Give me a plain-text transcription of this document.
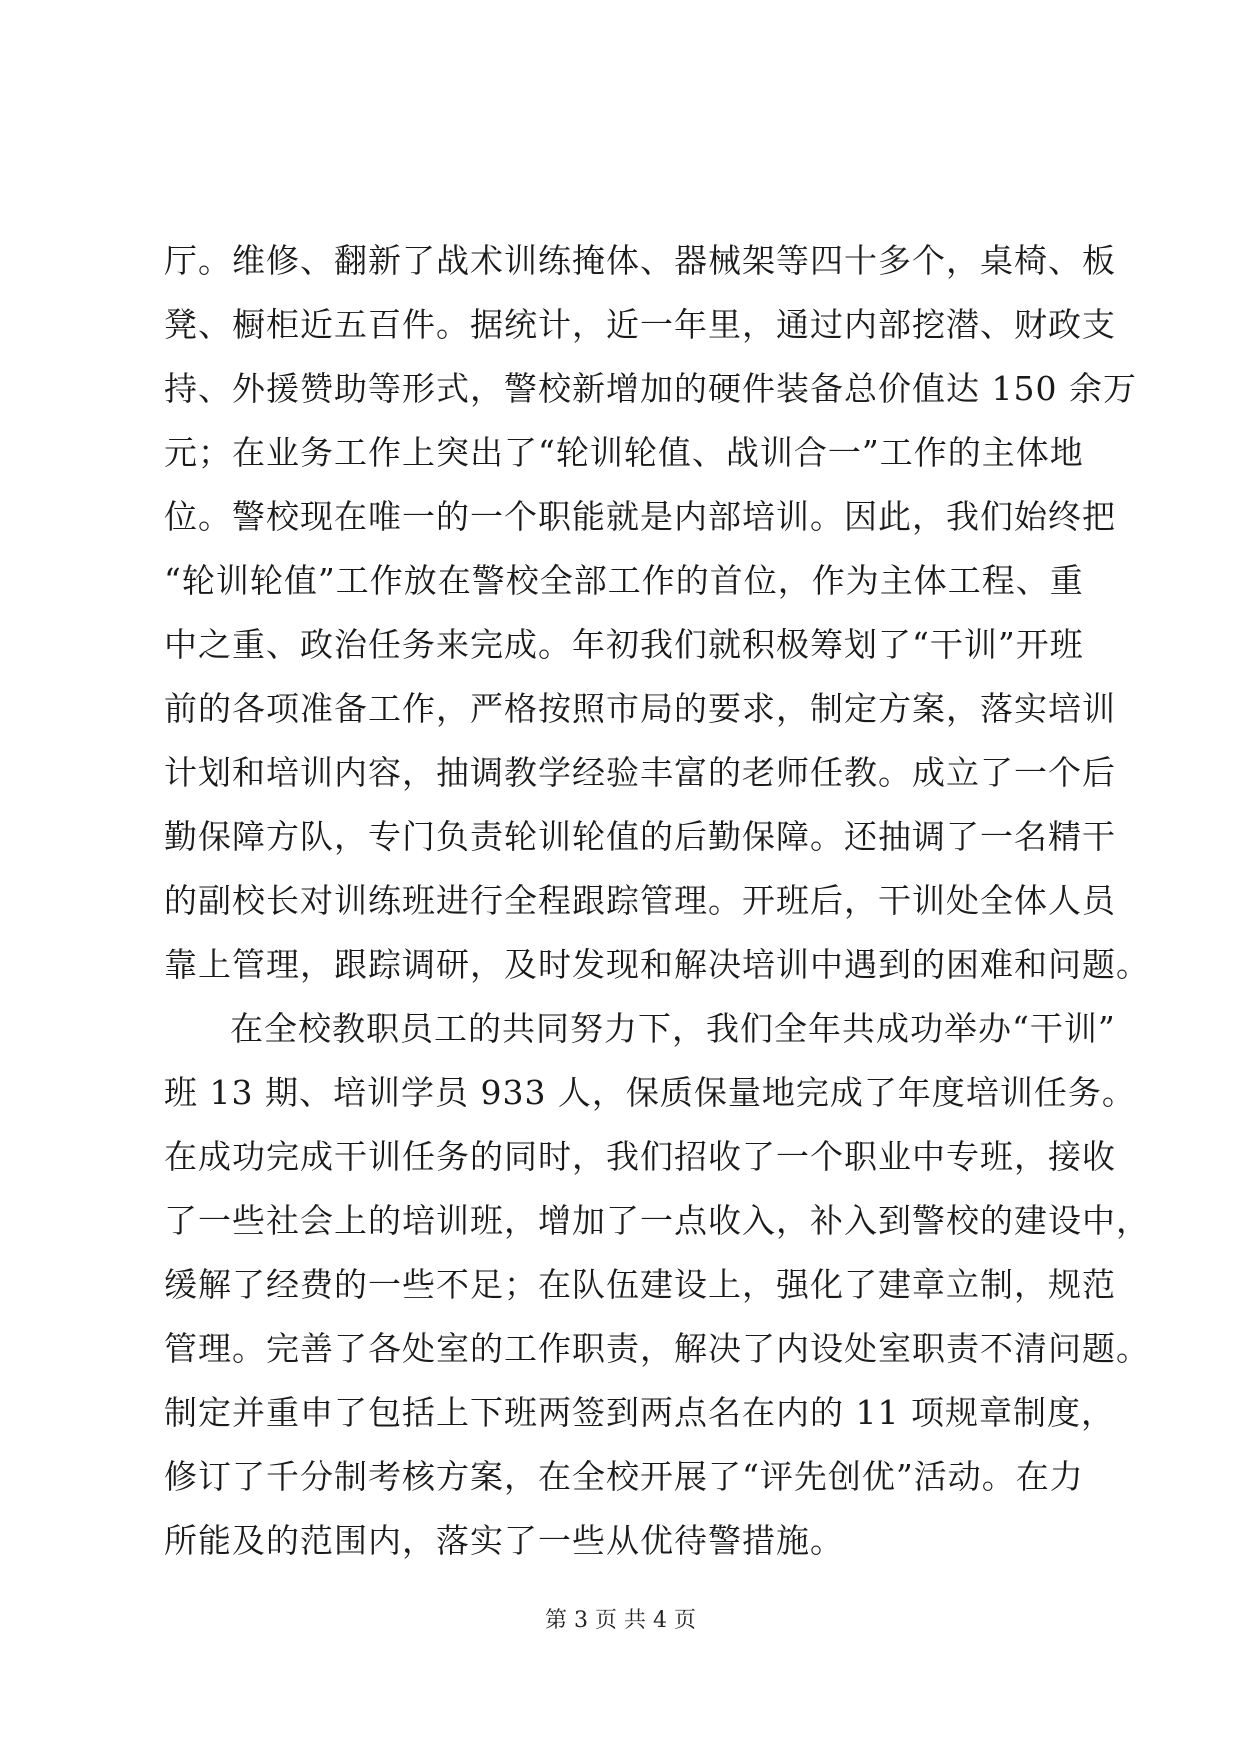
厅。维修、翻新了战术训练掩体、器械架等四十多个，桌椅、板
凳、橱柜近五百件。据统计，近一年里，通过内部挖潜、财政支
持、外援赞助等形式，警校新增加的硬件装备总价值达 150 余万
元；在业务工作上突出了“轮训轮值、战训合一”工作的主体地
位。警校现在唯一的一个职能就是内部培训。因此，我们始终把
“轮训轮值”工作放在警校全部工作的首位，作为主体工程、重
中之重、政治任务来完成。年初我们就积极筹划了“干训”开班
前的各项准备工作，严格按照市局的要求，制定方案，落实培训
计划和培训内容，抽调教学经验丰富的老师任教。成立了一个后
勤保障方队，专门负责轮训轮值的后勤保障。还抽调了一名精干
的副校长对训练班进行全程跟踪管理。开班后，干训处全体人员
靠上管理，跟踪调研，及时发现和解决培训中遇到的困难和问题。
在全校教职员工的共同努力下，我们全年共成功举办“干训”
班 13 期、培训学员 933 人，保质保量地完成了年度培训任务。
在成功完成干训任务的同时，我们招收了一个职业中专班，接收
了一些社会上的培训班，增加了一点收入，补入到警校的建设中，
缓解了经费的一些不足；在队伍建设上，强化了建章立制，规范
管理。完善了各处室的工作职责，解决了内设处室职责不清问题。
制定并重申了包括上下班两签到两点名在内的 11 项规章制度，
修订了千分制考核方案，在全校开展了“评先创优”活动。在力
所能及的范围内，落实了一些从优待警措施。
第 3 页 共 4 页
